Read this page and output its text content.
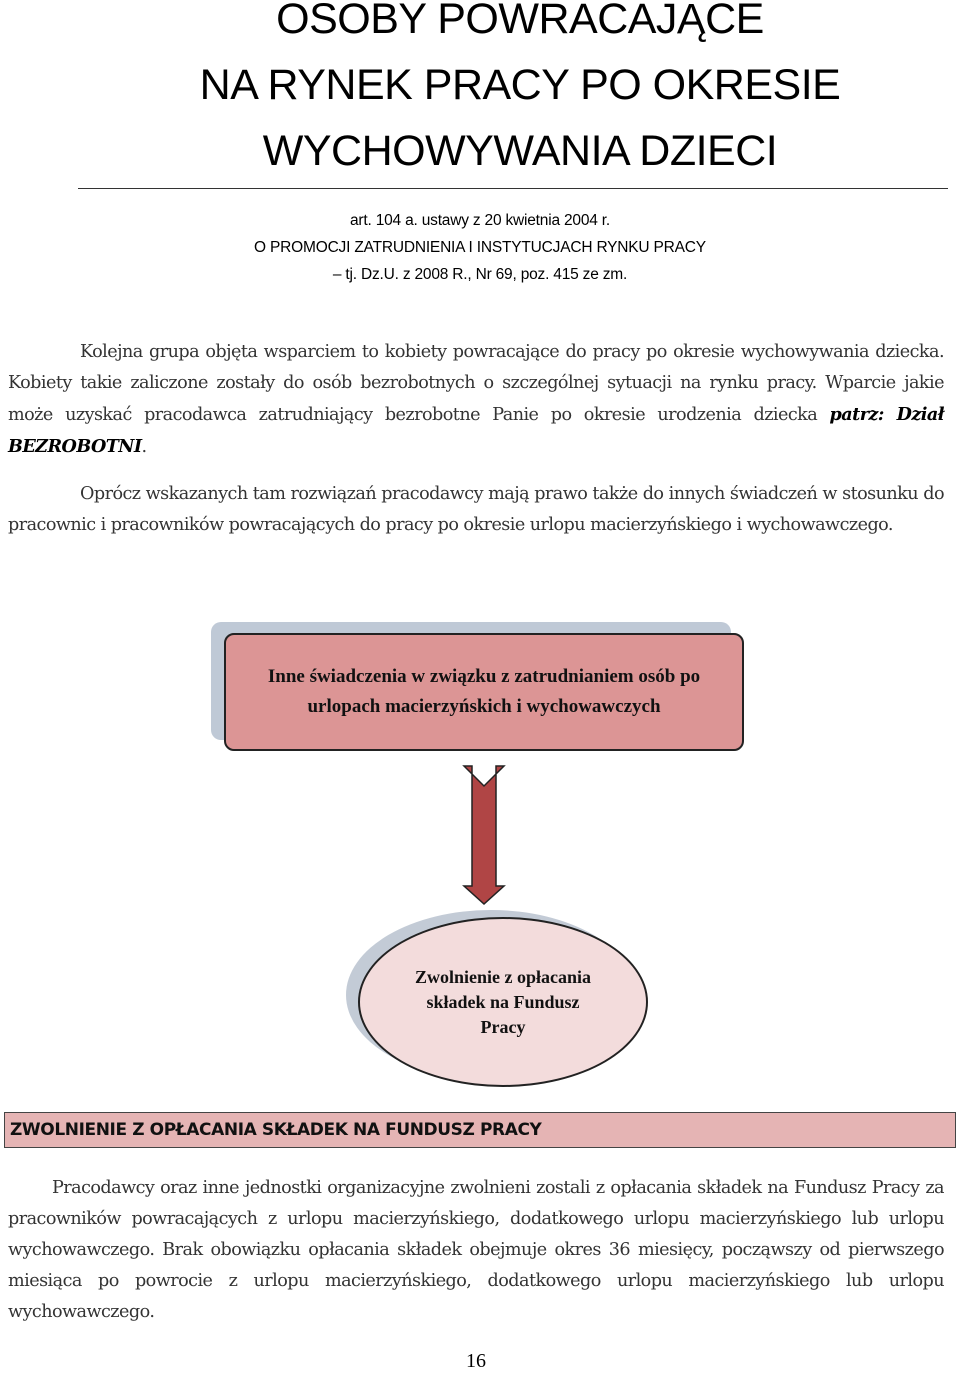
OSOBY POWRACAJĄCE
NA RYNEK PRACY PO OKRESIE
WYCHOWYWANIA DZIECI
art. 104 a. ustawy z 20 kwietnia 2004 r.
O PROMOCJI ZATRUDNIENIA I INSTYTUCJACH RYNKU PRACY
– tj. Dz.U. z 2008 R., Nr 69, poz. 415 ze zm.
Kolejna grupa objęta wsparciem to kobiety powracające do pracy po okresie wychowywania dziecka. Kobiety takie zaliczone zostały do osób bezrobotnych o szczególnej sytuacji na rynku pracy. Wparcie jakie może uzyskać pracodawca zatrudniający bezrobotne Panie po okresie urodzenia dziecka patrz: Dział BEZROBOTNI.
Oprócz wskazanych tam rozwiązań pracodawcy mają prawo także do innych świadczeń w stosunku do pracownic i pracowników powracających do pracy po okresie urlopu macierzyńskiego i wychowawczego.
Inne świadczenia w związku z zatrudnianiem osób po urlopach macierzyńskich i wychowawczych
Zwolnienie z opłacania składek na Fundusz Pracy
ZWOLNIENIE Z OPŁACANIA SKŁADEK NA FUNDUSZ PRACY
Pracodawcy oraz inne jednostki organizacyjne zwolnieni zostali z opłacania składek na Fundusz Pracy za pracowników powracających z urlopu macierzyńskiego, dodatkowego urlopu macierzyńskiego lub urlopu wychowawczego. Brak obowiązku opłacania składek obejmuje okres 36 miesięcy, począwszy od pierwszego miesiąca po powrocie z urlopu macierzyńskiego, dodatkowego urlopu macierzyńskiego lub urlopu wychowawczego.
16
